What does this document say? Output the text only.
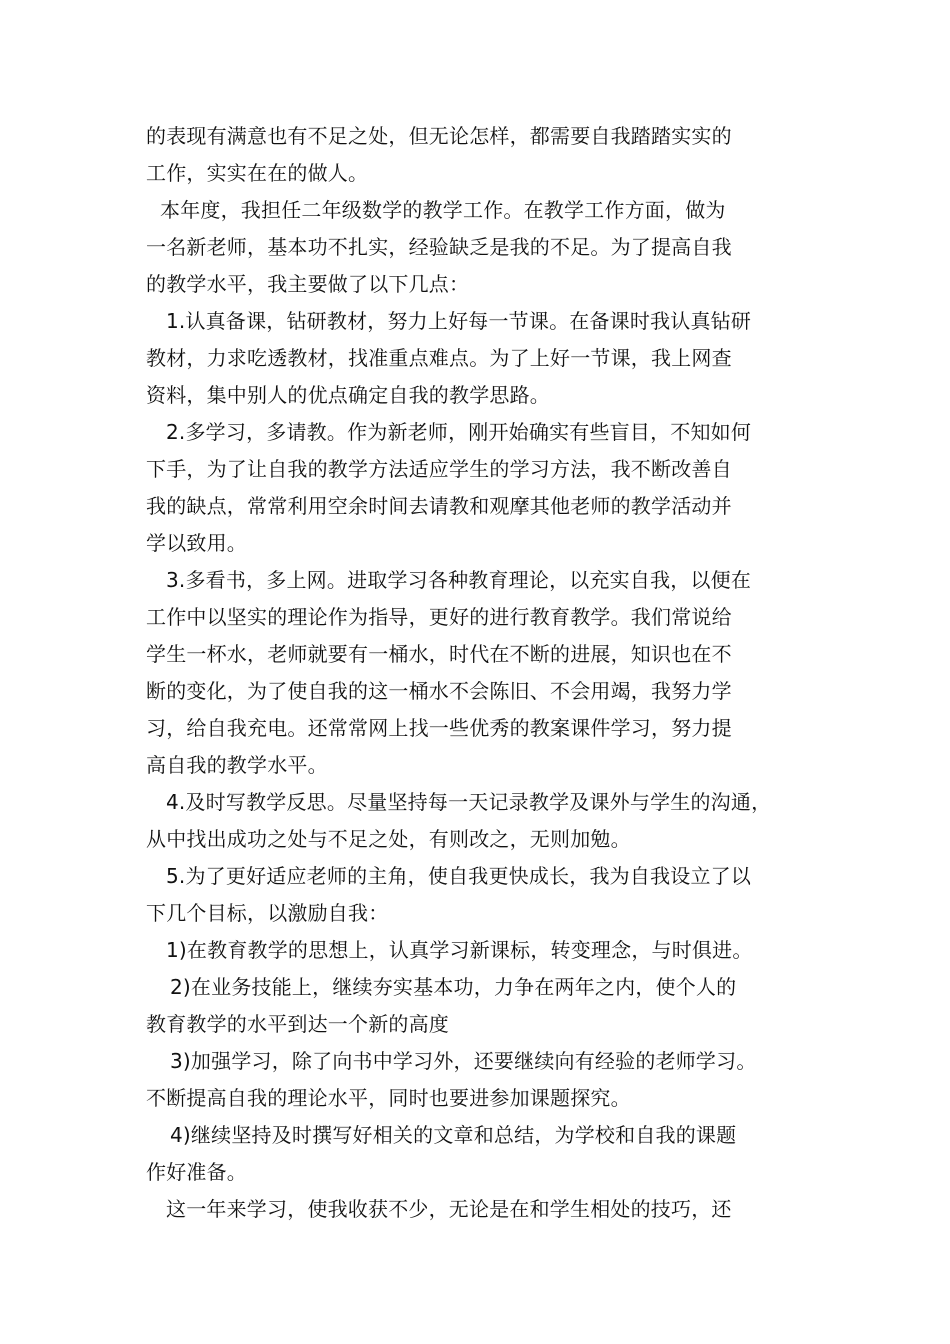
的表现有满意也有不足之处，但无论怎样，都需要自我踏踏实实的
工作，实实在在的做人。
本年度，我担任二年级数学的教学工作。在教学工作方面，做为
一名新老师，基本功不扎实，经验缺乏是我的不足。为了提高自我
的教学水平，我主要做了以下几点：
1.认真备课，钻研教材，努力上好每一节课。在备课时我认真钻研
教材，力求吃透教材，找准重点难点。为了上好一节课，我上网查
资料，集中别人的优点确定自我的教学思路。
2.多学习，多请教。作为新老师，刚开始确实有些盲目，不知如何
下手，为了让自我的教学方法适应学生的学习方法，我不断改善自
我的缺点，常常利用空余时间去请教和观摩其他老师的教学活动并
学以致用。
3.多看书，多上网。进取学习各种教育理论，以充实自我，以便在
工作中以坚实的理论作为指导，更好的进行教育教学。我们常说给
学生一杯水，老师就要有一桶水，时代在不断的进展，知识也在不
断的变化，为了使自我的这一桶水不会陈旧、不会用竭，我努力学
习，给自我充电。还常常网上找一些优秀的教案课件学习，努力提
高自我的教学水平。
4.及时写教学反思。尽量坚持每一天记录教学及课外与学生的沟通，
从中找出成功之处与不足之处，有则改之，无则加勉。
5.为了更好适应老师的主角，使自我更快成长，我为自我设立了以
下几个目标，以激励自我：
1)在教育教学的思想上，认真学习新课标，转变理念，与时俱进。
2)在业务技能上，继续夯实基本功，力争在两年之内，使个人的
教育教学的水平到达一个新的高度
3)加强学习，除了向书中学习外，还要继续向有经验的老师学习。
不断提高自我的理论水平，同时也要进参加课题探究。
4)继续坚持及时撰写好相关的文章和总结，为学校和自我的课题
作好准备。
这一年来学习，使我收获不少，无论是在和学生相处的技巧，还
